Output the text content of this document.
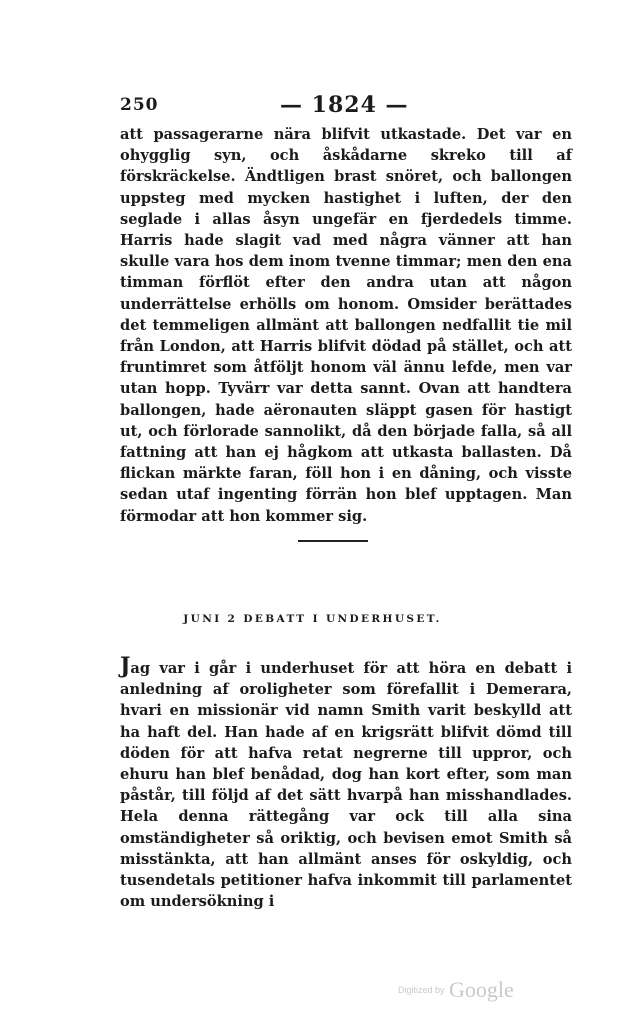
250	— 1824 —

att passagerarne nära blifvit utkastade. Det var en ohygglig syn, och åskådarne skreko till af förskräckelse. Ändtligen brast snöret, och ballongen uppsteg med mycken hastighet i luften, der den seglade i allas åsyn ungefär en fjerdedels timme. Harris hade slagit vad med några vänner att han skulle vara hos dem inom tvenne timmar; men den ena timman förflöt efter den andra utan att någon underrättelse erhölls om honom. Omsider berättades det temmeligen allmänt att ballongen nedfallit tie mil från London, att Harris blifvit dödad på stället, och att fruntimret som åtföljt honom väl ännu lefde, men var utan hopp. Tyvärr var detta sannt. Ovan att handtera ballongen, hade aëronauten släppt gasen för hastigt ut, och förlorade sannolikt, då den började falla, så all fattning att han ej hågkom att utkasta ballasten. Då flickan märkte faran, föll hon i en dåning, och visste sedan utaf ingenting förrän hon blef upptagen. Man förmodar att hon kommer sig.

JUNI 2 DEBATT I UNDERHUSET.

Jag var i går i underhuset för att höra en debatt i anledning af oroligheter som förefallit i Demerara, hvari en missionär vid namn Smith varit beskylld att ha haft del. Han hade af en krigsrätt blifvit dömd till döden för att hafva retat negrerne till uppror, och ehuru han blef benådad, dog han kort efter, som man påstår, till följd af det sätt hvarpå han misshandlades. Hela denna rättegång var ock till alla sina omständigheter så oriktig, och bevisen emot Smith så misstänkta, att han allmänt anses för oskyldig, och tusendetals petitioner hafva inkommit till parlamentet om undersökning i

Digitized by Google
